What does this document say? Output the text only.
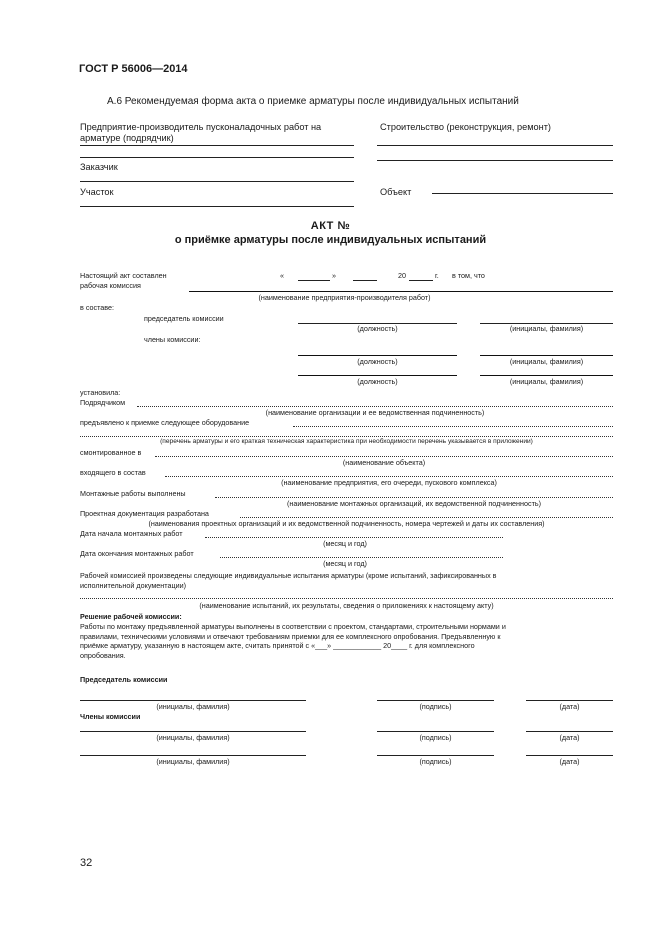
ГОСТ Р 56006—2014
А.6 Рекомендуемая форма акта о приемке арматуры после индивидуальных испытаний
Предприятие-производитель пусконаладочных работ на
арматуре (подрядчик)
Строительство (реконструкция, ремонт)
Заказчик
Участок	Объект
АКТ №
о приёмке арматуры после индивидуальных испытаний
Настоящий акт составлен
рабочая комиссия
«	»	20	г. в том, что
(наименование предприятия-производителя работ)
в составе:
председатель комиссии
(должность)	(инициалы, фамилия)
члены комиссии:
(должность)	(инициалы, фамилия)
(должность)	(инициалы, фамилия)
установила:
Подрядчиком
(наименование организации и ее ведомственная подчиненность)
предъявлено к приемке следующее оборудование
(перечень арматуры и его краткая техническая характеристика при необходимости перечень указывается в приложении)
смонтированное в
(наименование объекта)
входящего в состав
(наименование предприятия, его очереди, пускового комплекса)
Монтажные работы выполнены
(наименование монтажных организаций, их ведомственной подчиненность)
Проектная документация разработана
(наименования проектных организаций и их ведомственной подчиненность, номера чертежей и даты их составления)
Дата начала монтажных работ
(месяц и год)
Дата окончания монтажных работ
(месяц и год)
Рабочей комиссией произведены следующие индивидуальные испытания арматуры (кроме испытаний, зафиксированных в
исполнительной документации)
(наименование испытаний, их результаты, сведения о приложениях к настоящему акту)
Решение рабочей комиссии:
Работы по монтажу предъявленной арматуры выполнены в соответствии с проектом, стандартами, строительными нормами и
правилами, техническими условиями и отвечают требованиям приемки для ее комплексного опробования. Предъявленную к
приёмке арматуру, указанную в настоящем акте, считать принятой с «___» ____________ 20____ г. для комплексного
опробования.
Председатель комиссии
(инициалы, фамилия)	(подпись)	(дата)
Члены комиссии
(инициалы, фамилия)	(подпись)	(дата)
(инициалы, фамилия)	(подпись)	(дата)
32
